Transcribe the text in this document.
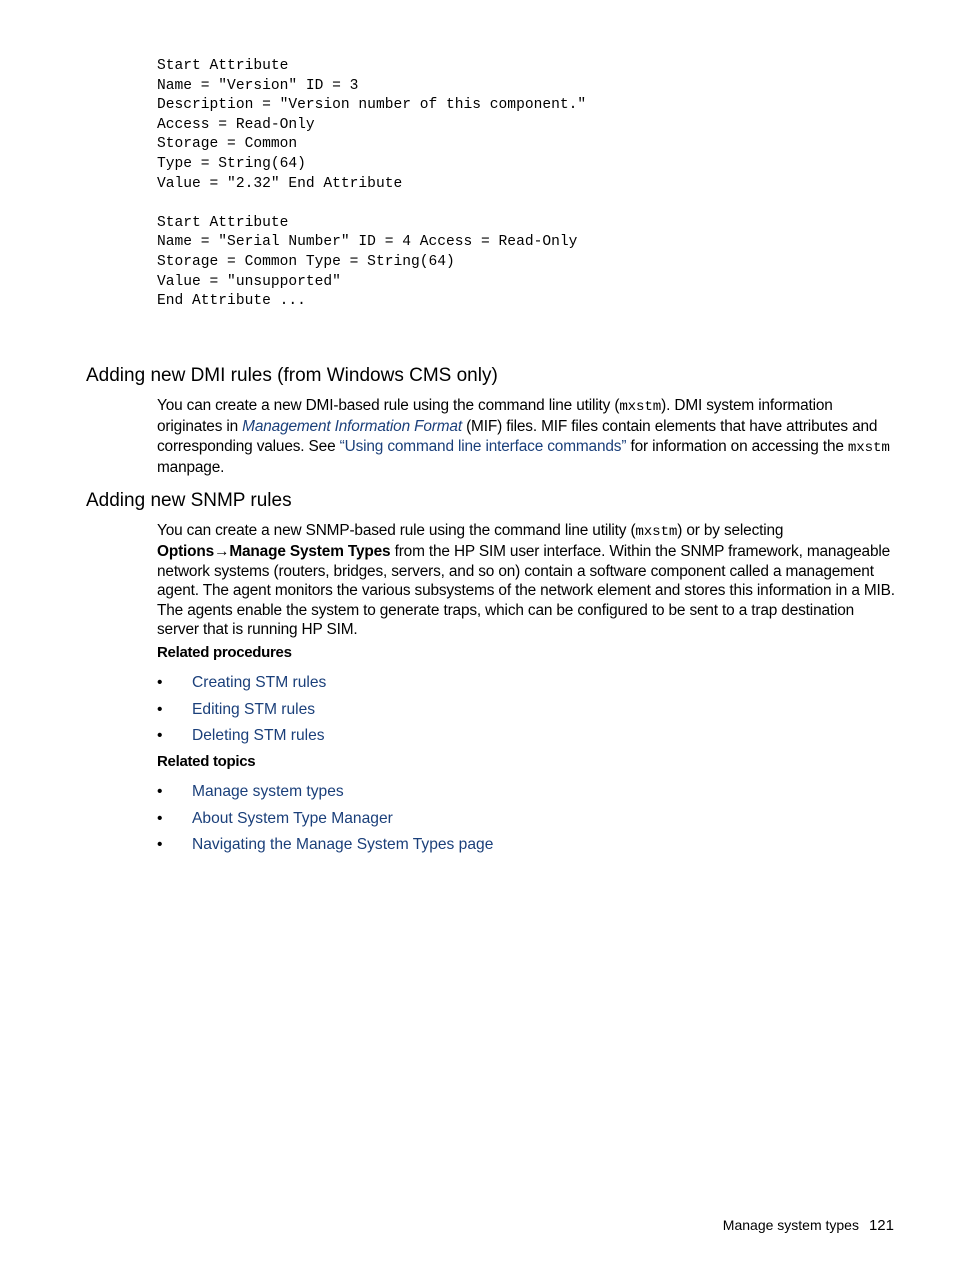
Start Attribute
Name = "Version" ID = 3
Description = "Version number of this component."
Access = Read-Only
Storage = Common
Type = String(64)
Value = "2.32" End Attribute

Start Attribute
Name = "Serial Number" ID = 4 Access = Read-Only
Storage = Common Type = String(64)
Value = "unsupported"
End Attribute ...
Adding new DMI rules (from Windows CMS only)

You can create a new DMI-based rule using the command line utility (mxstm). DMI system information originates in Management Information Format (MIF) files. MIF files contain elements that have attributes and corresponding values. See “Using command line interface commands” for information on accessing the mxstm manpage.

Adding new SNMP rules

You can create a new SNMP-based rule using the command line utility (mxstm) or by selecting Options→Manage System Types from the HP SIM user interface. Within the SNMP framework, manageable network systems (routers, bridges, servers, and so on) contain a software component called a management agent. The agent monitors the various subsystems of the network element and stores this information in a MIB. The agents enable the system to generate traps, which can be configured to be sent to a trap destination server that is running HP SIM.

Related procedures
• Creating STM rules
• Editing STM rules
• Deleting STM rules
Related topics
• Manage system types
• About System Type Manager
• Navigating the Manage System Types page
Manage system types 121
